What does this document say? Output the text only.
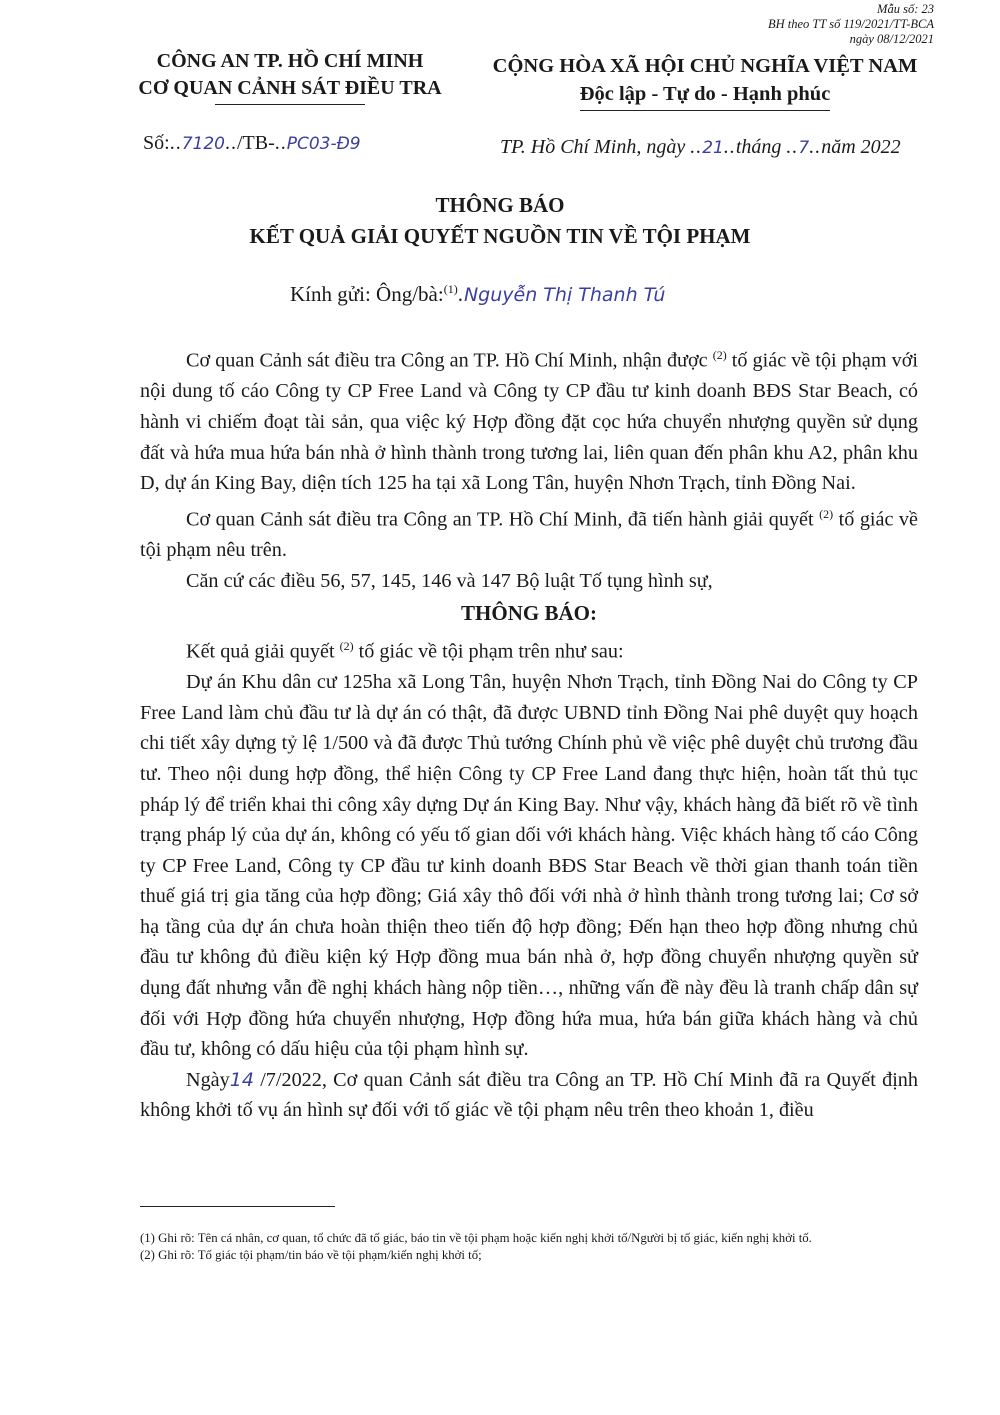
Mẫu số: 23
BH theo TT số 119/2021/TT-BCA
ngày 08/12/2021
CÔNG AN TP. HỒ CHÍ MINH
CƠ QUAN CẢNH SÁT ĐIỀU TRA
CỘNG HÒA XÃ HỘI CHỦ NGHĨA VIỆT NAM
Độc lập - Tự do - Hạnh phúc
Số:..7120../TB-..PC03-Đ9	TP. Hồ Chí Minh, ngày ..21..tháng ..7..năm 2022
THÔNG BÁO
KẾT QUẢ GIẢI QUYẾT NGUỒN TIN VỀ TỘI PHẠM
Kính gửi: Ông/bà:$^{(1)}$.Nguyễn Thị Thanh Tú

Cơ quan Cảnh sát điều tra Công an TP. Hồ Chí Minh, nhận được $^{(2)}$ tố giác về tội phạm với nội dung tố cáo Công ty CP Free Land và Công ty CP đầu tư kinh doanh BĐS Star Beach, có hành vi chiếm đoạt tài sản, qua việc ký Hợp đồng đặt cọc hứa chuyển nhượng quyền sử dụng đất và hứa mua hứa bán nhà ở hình thành trong tương lai, liên quan đến phân khu A2, phân khu D, dự án King Bay, diện tích 125 ha tại xã Long Tân, huyện Nhơn Trạch, tỉnh Đồng Nai.

Cơ quan Cảnh sát điều tra Công an TP. Hồ Chí Minh, đã tiến hành giải quyết $^{(2)}$ tố giác về tội phạm nêu trên.

Căn cứ các điều 56, 57, 145, 146 và 147 Bộ luật Tố tụng hình sự,

THÔNG BÁO:

Kết quả giải quyết $^{(2)}$ tố giác về tội phạm trên như sau:

Dự án Khu dân cư 125ha xã Long Tân, huyện Nhơn Trạch, tỉnh Đồng Nai do Công ty CP Free Land làm chủ đầu tư là dự án có thật, đã được UBND tỉnh Đồng Nai phê duyệt quy hoạch chi tiết xây dựng tỷ lệ 1/500 và đã được Thủ tướng Chính phủ về việc phê duyệt chủ trương đầu tư. Theo nội dung hợp đồng, thể hiện Công ty CP Free Land đang thực hiện, hoàn tất thủ tục pháp lý để triển khai thi công xây dựng Dự án King Bay. Như vậy, khách hàng đã biết rõ về tình trạng pháp lý của dự án, không có yếu tố gian dối với khách hàng. Việc khách hàng tố cáo Công ty CP Free Land, Công ty CP đầu tư kinh doanh BĐS Star Beach về thời gian thanh toán tiền thuế giá trị gia tăng của hợp đồng; Giá xây thô đối với nhà ở hình thành trong tương lai; Cơ sở hạ tầng của dự án chưa hoàn thiện theo tiến độ hợp đồng; Đến hạn theo hợp đồng nhưng chủ đầu tư không đủ điều kiện ký Hợp đồng mua bán nhà ở, hợp đồng chuyển nhượng quyền sử dụng đất nhưng vẫn đề nghị khách hàng nộp tiền…, những vấn đề này đều là tranh chấp dân sự đối với Hợp đồng hứa chuyển nhượng, Hợp đồng hứa mua, hứa bán giữa khách hàng và chủ đầu tư, không có dấu hiệu của tội phạm hình sự.

Ngày14 /7/2022, Cơ quan Cảnh sát điều tra Công an TP. Hồ Chí Minh đã ra Quyết định không khởi tố vụ án hình sự đối với tố giác về tội phạm nêu trên theo khoản 1, điều

(1) Ghi rõ: Tên cá nhân, cơ quan, tổ chức đã tố giác, báo tin về tội phạm hoặc kiến nghị khởi tố/Người bị tố giác, kiến nghị khởi tố.
(2) Ghi rõ: Tố giác tội phạm/tin báo về tội phạm/kiến nghị khởi tố;
